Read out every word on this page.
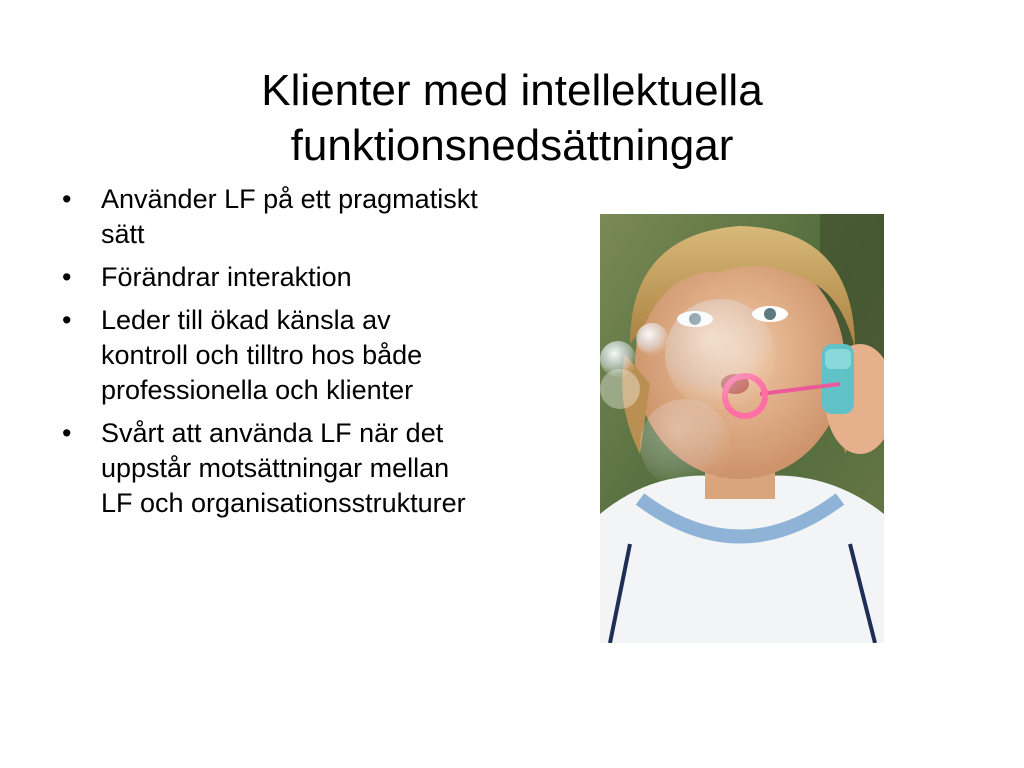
Klienter med intellektuella
funktionsnedsättningar
• Använder LF på ett pragmatiskt sätt
• Förändrar interaktion
• Leder till ökad känsla av kontroll och tilltro hos både professionella och klienter
• Svårt att använda LF när det uppstår motsättningar mellan LF och organisationsstrukturer
